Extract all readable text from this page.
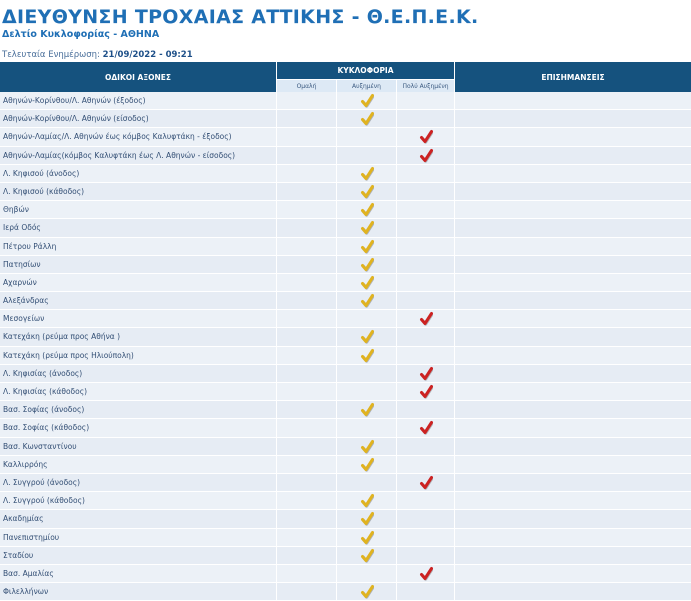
ΔΙΕΥΘΥΝΣΗ ΤΡΟΧΑΙΑΣ ΑΤΤΙΚΗΣ - Θ.Ε.Π.Ε.Κ.
Δελτίο Κυκλοφορίας - ΑΘΗΝΑ
Τελευταία Ενημέρωση: 21/09/2022 - 09:21
ΟΔΙΚΟΙ ΑΞΟΝΕΣ
ΚΥΚΛΟΦΟΡΙΑ
ΕΠΙΣΗΜΑΝΣΕΙΣ
Ομαλή	Αυξημένη	Πολύ Αυξημένη
Αθηνών-Κορίνθου/Λ. Αθηνών (έξοδος)
Αθηνών-Κορίνθου/Λ. Αθηνών (είσοδος)
Αθηνών-Λαμίας/Λ. Αθηνών έως κόμβος Καλυφτάκη - έξοδος)
Αθηνών-Λαμίας(κόμβος Καλυφτάκη έως Λ. Αθηνών - είσοδος)
Λ. Κηφισού (άνοδος)
Λ. Κηφισού (κάθοδος)
Θηβών
Ιερά Οδός
Πέτρου Ράλλη
Πατησίων
Αχαρνών
Αλεξάνδρας
Μεσογείων
Κατεχάκη (ρεύμα προς Αθήνα )
Κατεχάκη (ρεύμα προς Ηλιούπολη)
Λ. Κηφισίας (άνοδος)
Λ. Κηφισίας (κάθοδος)
Βασ. Σοφίας (άνοδος)
Βασ. Σοφίας (κάθοδος)
Βασ. Κωνσταντίνου
Καλλιρρόης
Λ. Συγγρού (άνοδος)
Λ. Συγγρού (κάθοδος)
Ακαδημίας
Πανεπιστημίου
Σταδίου
Βασ. Αμαλίας
Φιλελλήνων
